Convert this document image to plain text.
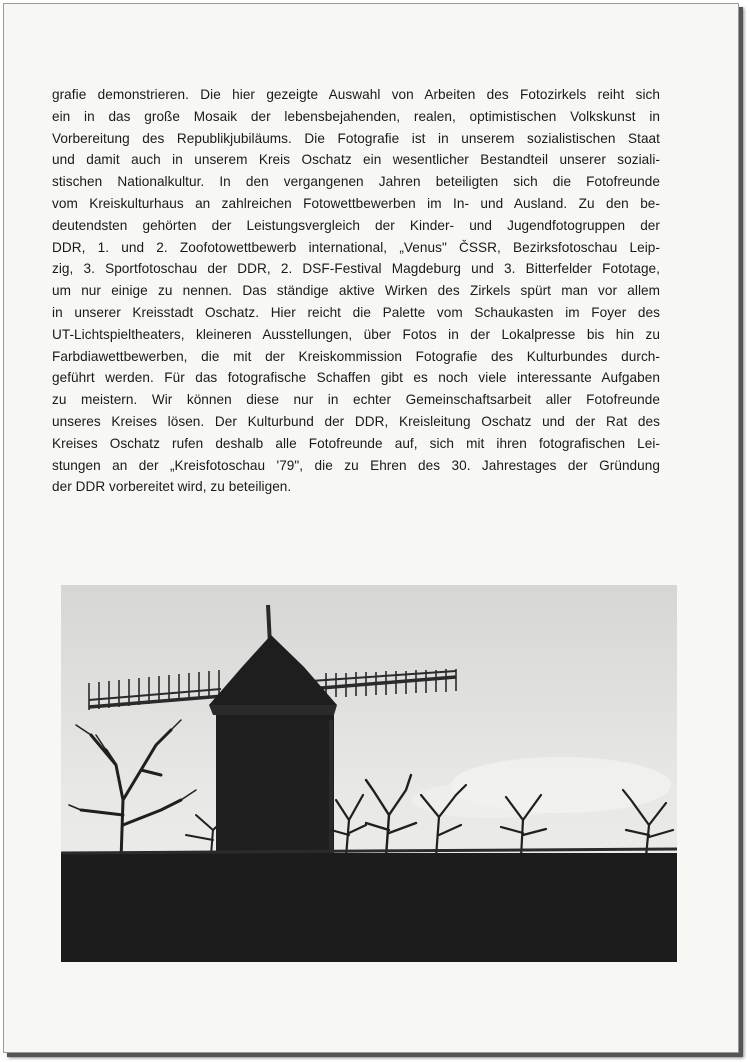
grafie demonstrieren. Die hier gezeigte Auswahl von Arbeiten des Fotozirkels reiht sich
ein in das große Mosaik der lebensbejahenden, realen, optimistischen Volkskunst in
Vorbereitung des Republikjubiläums. Die Fotografie ist in unserem sozialistischen Staat
und damit auch in unserem Kreis Oschatz ein wesentlicher Bestandteil unserer soziali-
stischen Nationalkultur. In den vergangenen Jahren beteiligten sich die Fotofreunde
vom Kreiskulturhaus an zahlreichen Fotowettbewerben im In- und Ausland. Zu den be-
deutendsten gehörten der Leistungsvergleich der Kinder- und Jugendfotogruppen der
DDR, 1. und 2. Zoofotowettbewerb international, „Venus" ČSSR, Bezirksfotoschau Leip-
zig, 3. Sportfotoschau der DDR, 2. DSF-Festival Magdeburg und 3. Bitterfelder Fototage,
um nur einige zu nennen. Das ständige aktive Wirken des Zirkels spürt man vor allem
in unserer Kreisstadt Oschatz. Hier reicht die Palette vom Schaukasten im Foyer des
UT-Lichtspieltheaters, kleineren Ausstellungen, über Fotos in der Lokalpresse bis hin zu
Farbdiawettbewerben, die mit der Kreiskommission Fotografie des Kulturbundes durch-
geführt werden. Für das fotografische Schaffen gibt es noch viele interessante Aufgaben
zu meistern. Wir können diese nur in echter Gemeinschaftsarbeit aller Fotofreunde
unseres Kreises lösen. Der Kulturbund der DDR, Kreisleitung Oschatz und der Rat des
Kreises Oschatz rufen deshalb alle Fotofreunde auf, sich mit ihren fotografischen Lei-
stungen an der „Kreisfotoschau '79", die zu Ehren des 30. Jahrestages der Gründung
der DDR vorbereitet wird, zu beteiligen.
